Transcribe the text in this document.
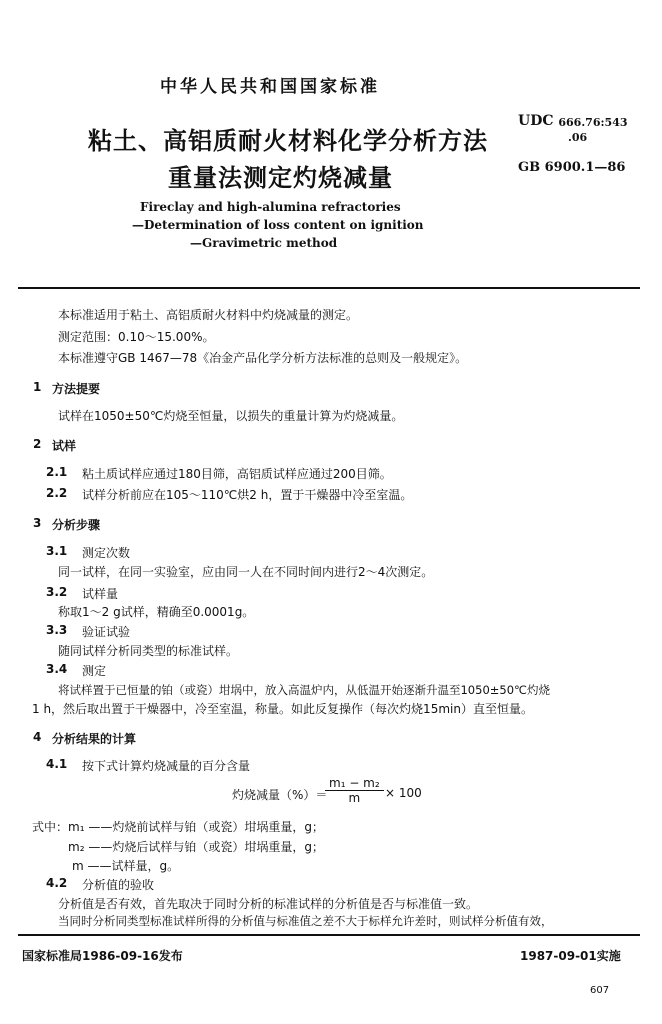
中华人民共和国国家标准
粘土、高铝质耐火材料化学分析方法
重量法测定灼烧减量
UDC 666.76:543
.06
GB 6900.1—86
Fireclay and high-alumina refractories
—Determination of loss content on ignition
—Gravimetric method
本标准适用于粘土、高铝质耐火材料中灼烧减量的测定。
测定范围：0.10～15.00%。
本标准遵守GB 1467—78《冶金产品化学分析方法标准的总则及一般规定》。
1 方法提要
试样在1050±50℃灼烧至恒量，以损失的重量计算为灼烧减量。
2 试样
2.1 粘土质试样应通过180目筛，高铝质试样应通过200目筛。
2.2 试样分析前应在105～110℃烘2 h，置于干燥器中冷至室温。
3 分析步骤
3.1 测定次数
同一试样，在同一实验室，应由同一人在不同时间内进行2～4次测定。
3.2 试样量
称取1～2 g试样，精确至0.0001g。
3.3 验证试验
随同试样分析同类型的标准试样。
3.4 测定
将试样置于已恒量的铂（或瓷）坩埚中，放入高温炉内，从低温开始逐渐升温至1050±50℃灼烧
1 h，然后取出置于干燥器中，冷至室温，称量。如此反复操作（每次灼烧15min）直至恒量。
4 分析结果的计算
4.1 按下式计算灼烧减量的百分含量
灼烧减量（%）＝
$\frac{\text{m₁ − m₂}}{m} \times 100$
式中： m₁ ——灼烧前试样与铂（或瓷）坩埚重量，g；
m₂ ——灼烧后试样与铂（或瓷）坩埚重量，g；
m ——试样量，g。
4.2 分析值的验收
分析值是否有效，首先取决于同时分析的标准试样的分析值是否与标准值一致。
当同时分析同类型标准试样所得的分析值与标准值之差不大于标样允许差时，则试样分析值有效，
国家标准局1986-09-16发布	1987-09-01实施
607
